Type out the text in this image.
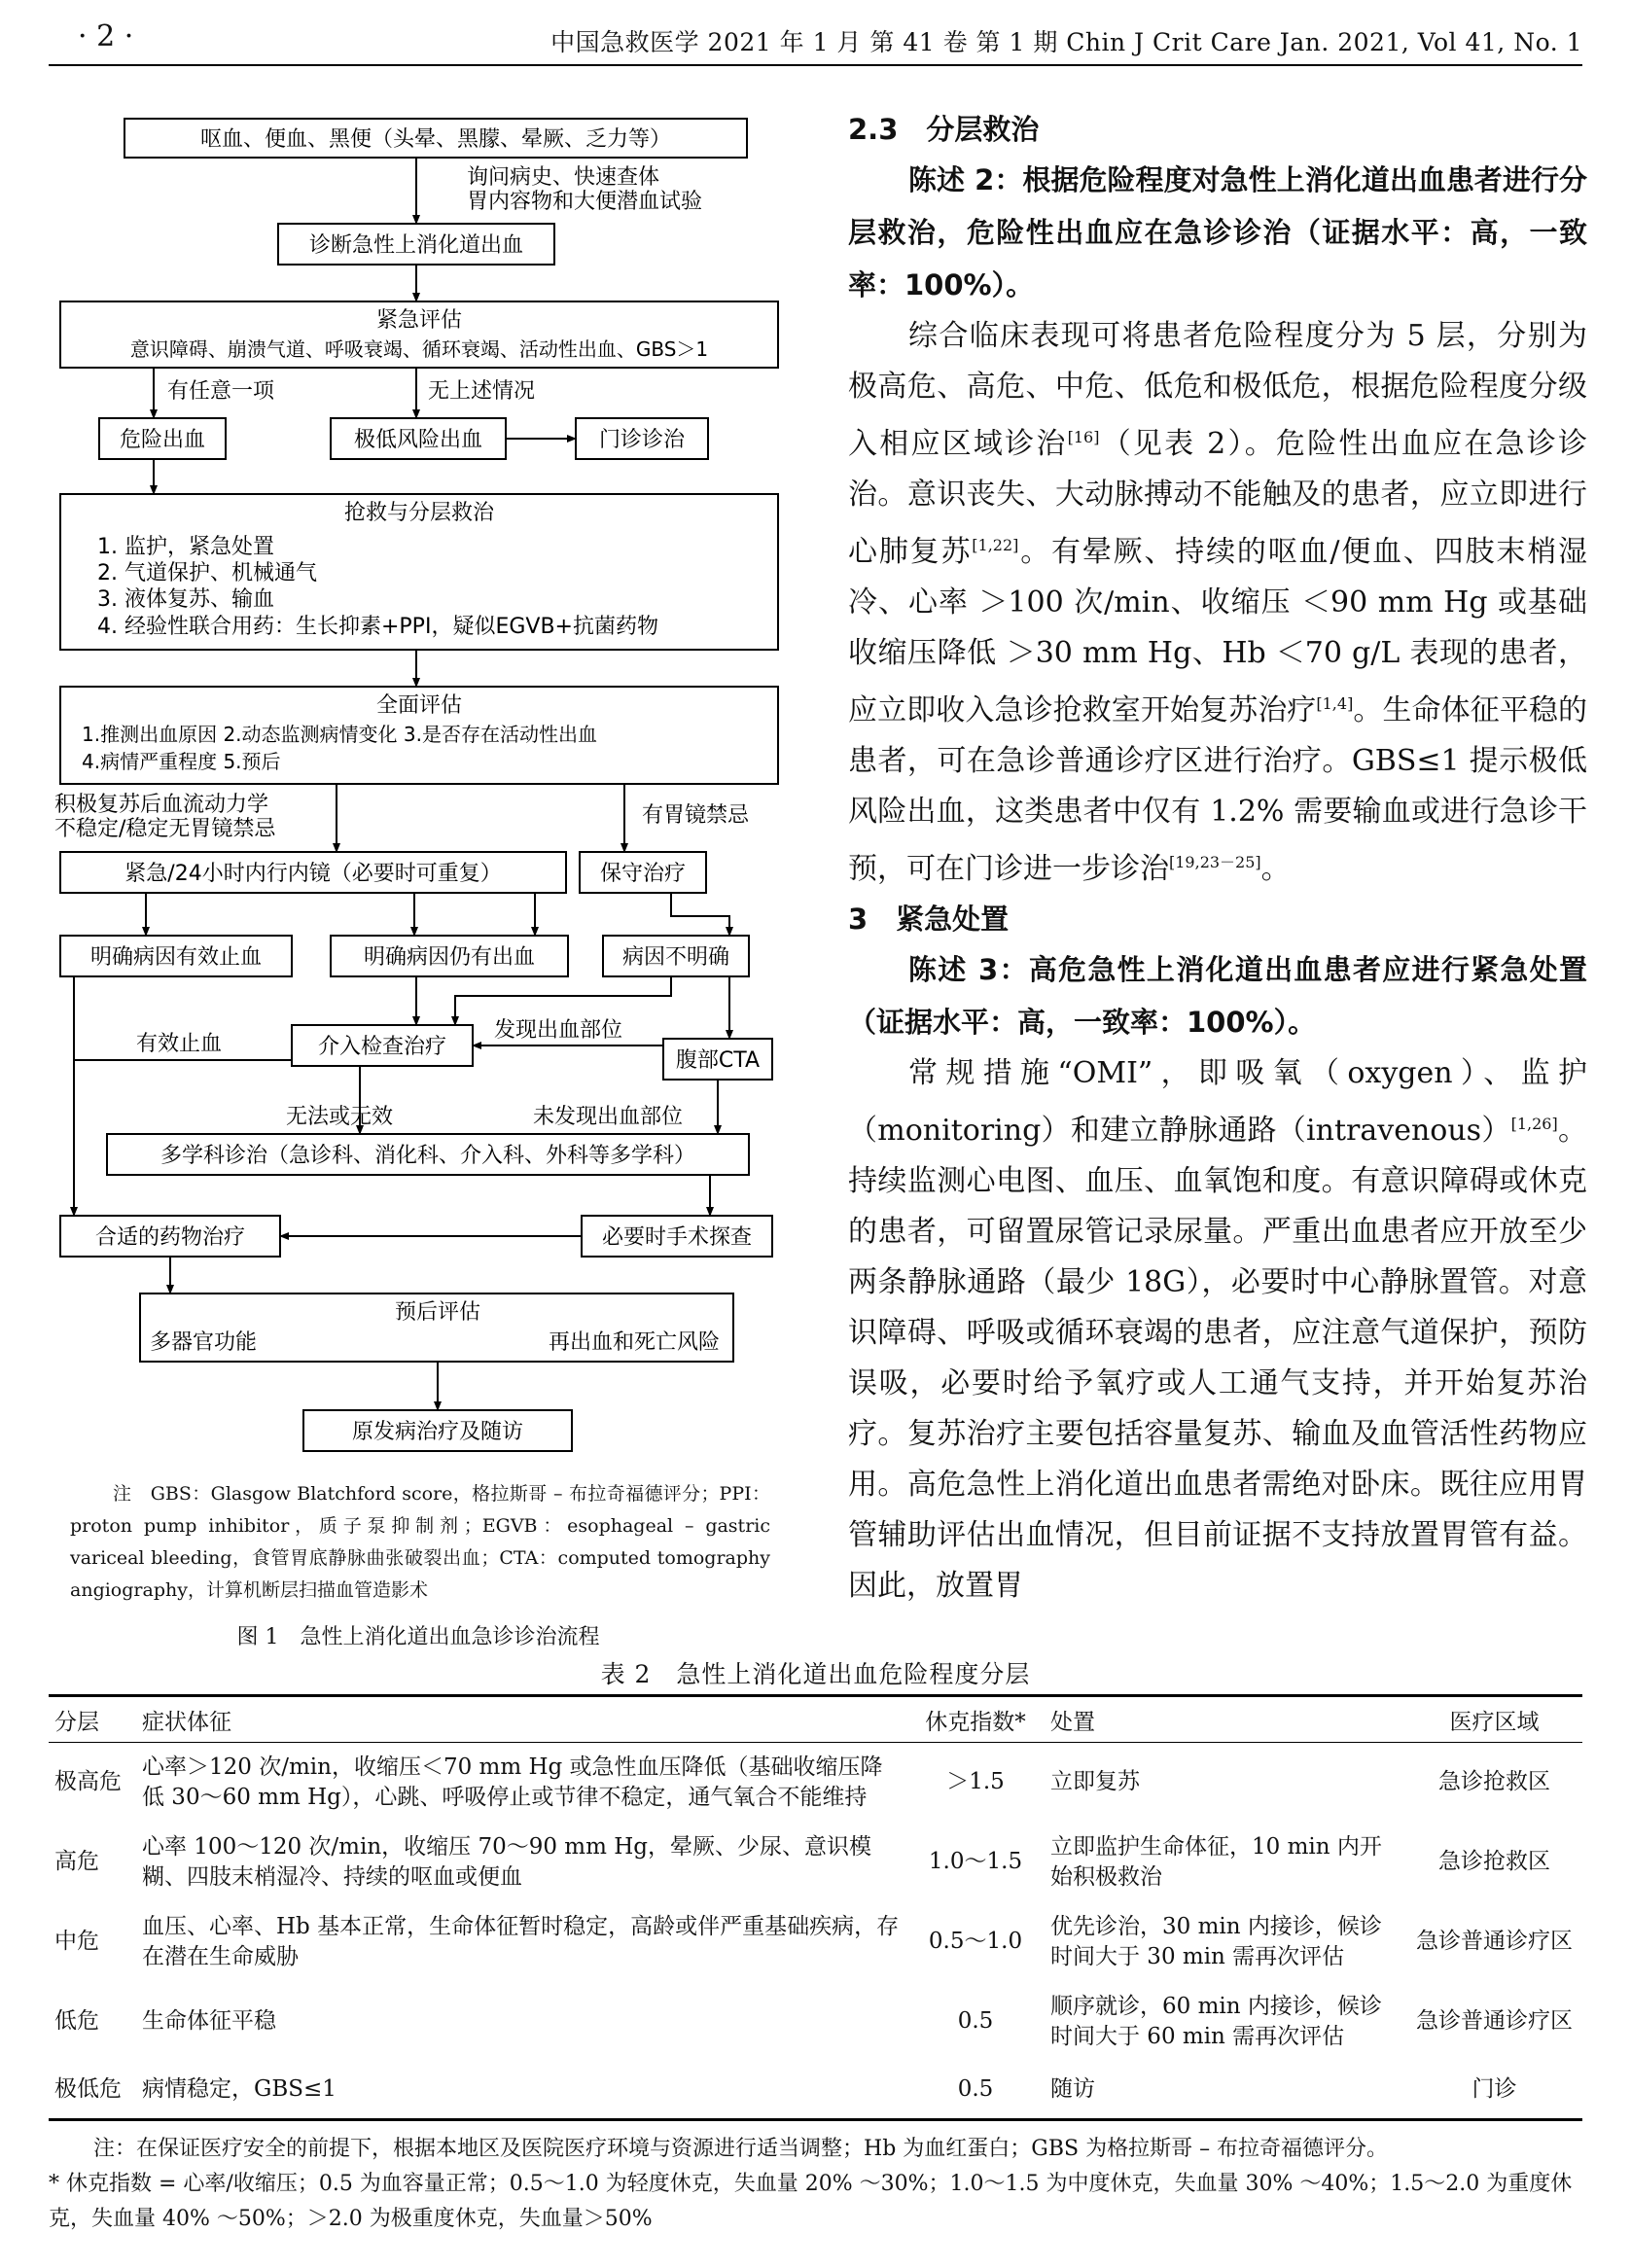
· 2 ·	中国急救医学 2021 年 1 月 第 41 卷 第 1 期 Chin J Crit Care Jan. 2021, Vol 41, No. 1
呕血、便血、黑便（头晕、黑朦、晕厥、乏力等）
询问病史、快速查体
胃内容物和大便潜血试验
诊断急性上消化道出血
紧急评估
意识障碍、崩溃气道、呼吸衰竭、循环衰竭、活动性出血、GBS＞1
有任意一项	无上述情况
危险出血	极低风险出血	门诊诊治
抢救与分层救治
1. 监护，紧急处置
2. 气道保护、机械通气
3. 液体复苏、输血
4. 经验性联合用药：生长抑素+PPI，疑似EGVB+抗菌药物
全面评估
1.推测出血原因 2.动态监测病情变化 3.是否存在活动性出血
4.病情严重程度 5.预后
积极复苏后血流动力学
不稳定/稳定无胃镜禁忌
有胃镜禁忌
紧急/24小时内行内镜（必要时可重复）	保守治疗
明确病因有效止血	明确病因仍有出血	病因不明确
介入检查治疗
腹部CTA
发现出血部位
有效止血
无法或无效	未发现出血部位
多学科诊治（急诊科、消化科、介入科、外科等多学科）
合适的药物治疗	必要时手术探查
预后评估
多器官功能	再出血和死亡风险
原发病治疗及随访
注　GBS：Glasgow Blatchford score，格拉斯哥 – 布拉奇福德评分；PPI：proton pump inhibitor，质子泵抑制剂；EGVB：esophageal – gastric variceal bleeding，食管胃底静脉曲张破裂出血；CTA：computed tomography angiography，计算机断层扫描血管造影术
图 1　急性上消化道出血急诊诊治流程

2.3　分层救治

陈述 2：根据危险程度对急性上消化道出血患者进行分层救治，危险性出血应在急诊诊治（证据水平：高，一致率：100%）。

综合临床表现可将患者危险程度分为 5 层，分别为极高危、高危、中危、低危和极低危，根据危险程度分级入相应区域诊治[16]（见表 2）。危险性出血应在急诊诊治。意识丧失、大动脉搏动不能触及的患者，应立即进行心肺复苏[1,22]。有晕厥、持续的呕血/便血、四肢末梢湿冷、心率 ＞100 次/min、收缩压 ＜90 mm Hg 或基础收缩压降低 ＞30 mm Hg、Hb ＜70 g/L 表现的患者，应立即收入急诊抢救室开始复苏治疗[1,4]。生命体征平稳的患者，可在急诊普通诊疗区进行治疗。GBS≤1 提示极低风险出血，这类患者中仅有 1.2% 需要输血或进行急诊干预，可在门诊进一步诊治[19,23－25]。

3　紧急处置

陈述 3：高危急性上消化道出血患者应进行紧急处置（证据水平：高，一致率：100%）。

常规措施“OMI”，即吸氧（oxygen）、监护（monitoring）和建立静脉通路（intravenous）[1,26]。持续监测心电图、血压、血氧饱和度。有意识障碍或休克的患者，可留置尿管记录尿量。严重出血患者应开放至少两条静脉通路（最少 18G），必要时中心静脉置管。对意识障碍、呼吸或循环衰竭的患者，应注意气道保护，预防误吸，必要时给予氧疗或人工通气支持，并开始复苏治疗。复苏治疗主要包括容量复苏、输血及血管活性药物应用。高危急性上消化道出血患者需绝对卧床。既往应用胃管辅助评估出血情况，但目前证据不支持放置胃管有益。因此，放置胃

表 2　急性上消化道出血危险程度分层
分层	症状体征	休克指数*	处置	医疗区域
极高危	心率＞120 次/min，收缩压＜70 mm Hg 或急性血压降低（基础收缩压降低 30～60 mm Hg），心跳、呼吸停止或节律不稳定，通气氧合不能维持	＞1.5	立即复苏	急诊抢救区
高危	心率 100～120 次/min，收缩压 70～90 mm Hg，晕厥、少尿、意识模糊、四肢末梢湿冷、持续的呕血或便血	1.0～1.5	立即监护生命体征，10 min 内开始积极救治	急诊抢救区
中危	血压、心率、Hb 基本正常，生命体征暂时稳定，高龄或伴严重基础疾病，存在潜在生命威胁	0.5～1.0	优先诊治，30 min 内接诊，候诊时间大于 30 min 需再次评估	急诊普通诊疗区
低危	生命体征平稳	0.5	顺序就诊，60 min 内接诊，候诊时间大于 60 min 需再次评估	急诊普通诊疗区
极低危	病情稳定，GBS≤1	0.5	随访	门诊

注：在保证医疗安全的前提下，根据本地区及医院医疗环境与资源进行适当调整；Hb 为血红蛋白；GBS 为格拉斯哥 – 布拉奇福德评分。

* 休克指数 = 心率/收缩压；0.5 为血容量正常；0.5～1.0 为轻度休克，失血量 20% ～30%；1.0～1.5 为中度休克，失血量 30% ～40%；1.5～2.0 为重度休克，失血量 40% ～50%；＞2.0 为极重度休克，失血量＞50%
